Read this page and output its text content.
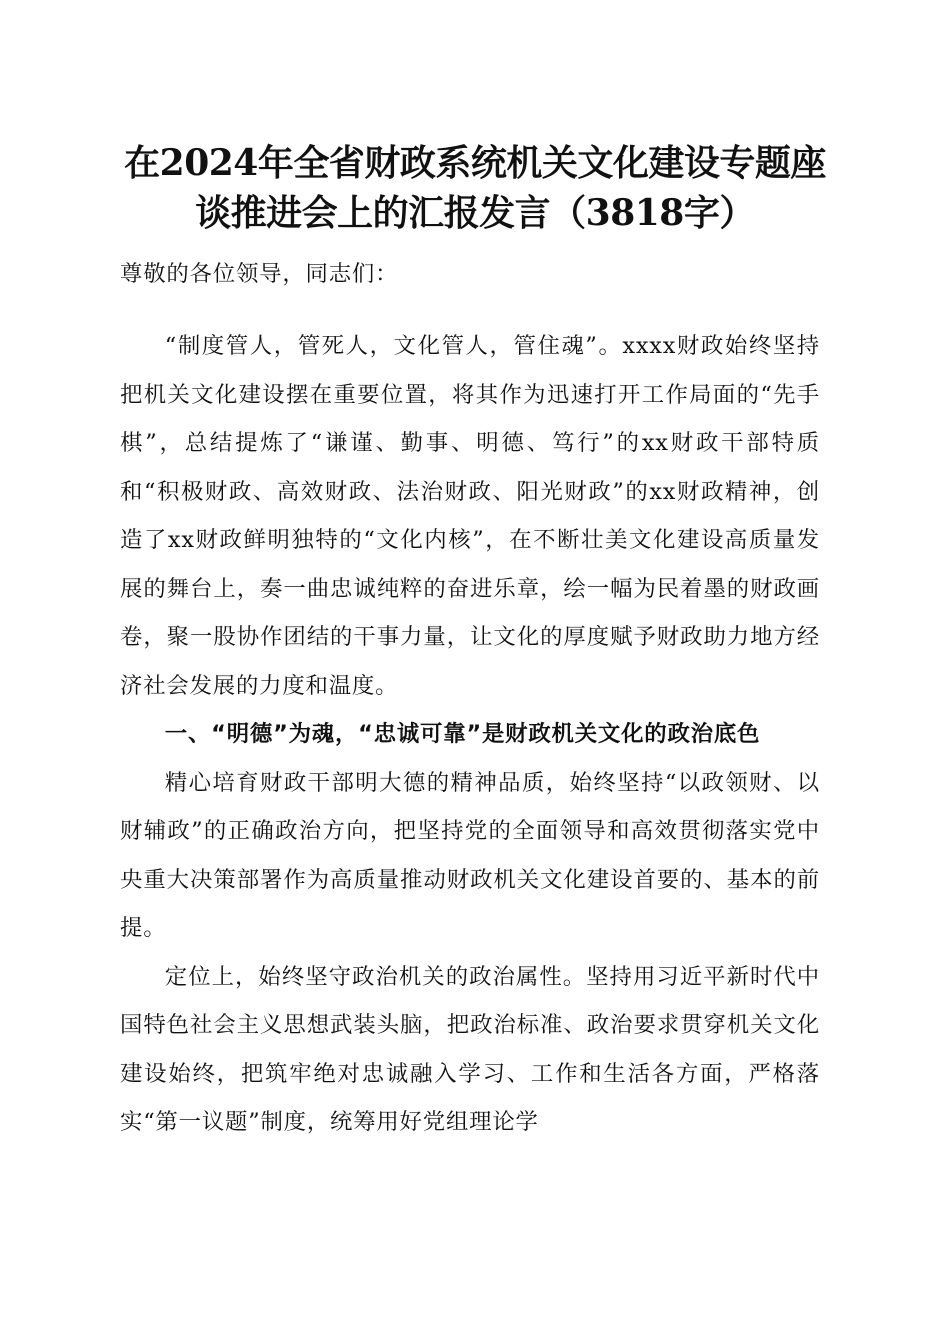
在2024年全省财政系统机关文化建设专题座
谈推进会上的汇报发言（3818字）

尊敬的各位领导，同志们：

“制度管人，管死人，文化管人，管住魂”。xxxx财政始终坚持把机关文化建设摆在重要位置，将其作为迅速打开工作局面的“先手棋”，总结提炼了“谦谨、勤事、明德、笃行”的xx财政干部特质和“积极财政、高效财政、法治财政、阳光财政”的xx财政精神，创造了xx财政鲜明独特的“文化内核”，在不断壮美文化建设高质量发展的舞台上，奏一曲忠诚纯粹的奋进乐章，绘一幅为民着墨的财政画卷，聚一股协作团结的干事力量，让文化的厚度赋予财政助力地方经济社会发展的力度和温度。

一、“明德”为魂，“忠诚可靠”是财政机关文化的政治底色

精心培育财政干部明大德的精神品质，始终坚持“以政领财、以财辅政”的正确政治方向，把坚持党的全面领导和高效贯彻落实党中央重大决策部署作为高质量推动财政机关文化建设首要的、基本的前提。

定位上，始终坚守政治机关的政治属性。坚持用习近平新时代中国特色社会主义思想武装头脑，把政治标准、政治要求贯穿机关文化建设始终，把筑牢绝对忠诚融入学习、工作和生活各方面，严格落实“第一议题”制度，统筹用好党组理论学
